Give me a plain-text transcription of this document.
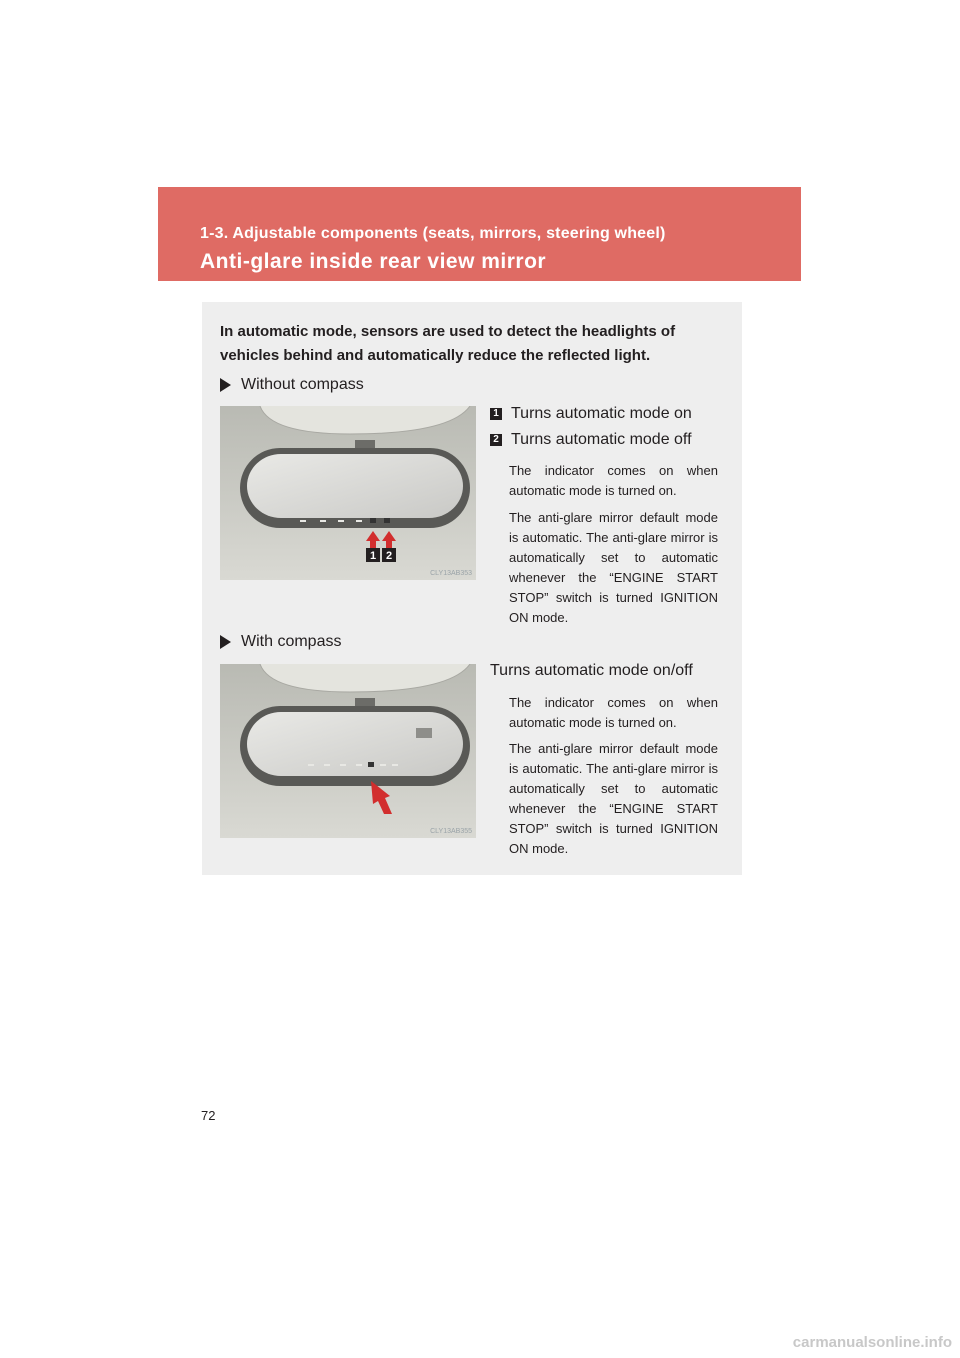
1-3. Adjustable components (seats, mirrors, steering wheel)
Anti-glare inside rear view mirror
In automatic mode, sensors are used to detect the headlights of vehicles behind and automatically reduce the reflected light.
Without compass
1 2
CLY13AB353
1 Turns automatic mode on
2 Turns automatic mode off
The indicator comes on when automatic mode is turned on.
The anti-glare mirror default mode is automatic. The anti-glare mirror is automatically set to automatic whenever the “ENGINE START STOP” switch is turned IGNITION ON mode.
With compass
CLY13AB355
Turns automatic mode on/off
The indicator comes on when automatic mode is turned on.
The anti-glare mirror default mode is automatic. The anti-glare mirror is automatically set to automatic whenever the “ENGINE START STOP” switch is turned IGNITION ON mode.
72
carmanualsonline.info
